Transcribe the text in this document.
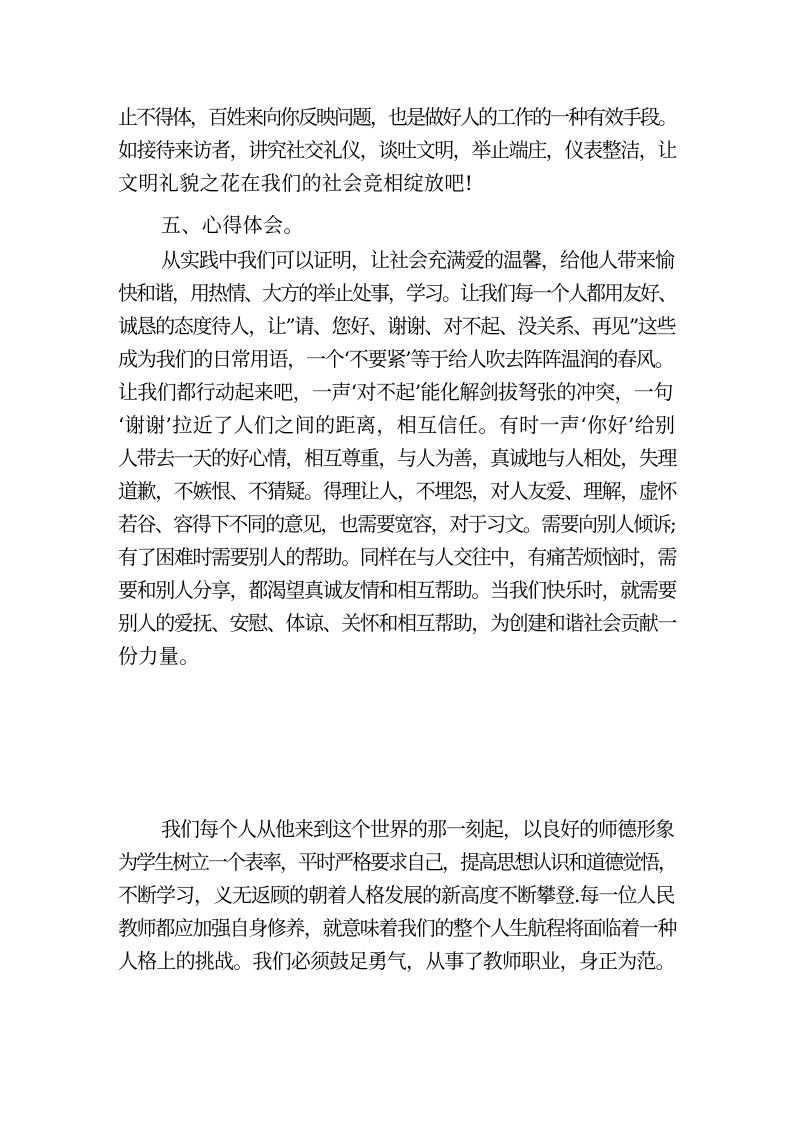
止不得体，百姓来向你反映问题，也是做好人的工作的一种有效手段。
如接待来访者，讲究社交礼仪，谈吐文明，举止端庄，仪表整洁，让
文明礼貌之花在我们的社会竞相绽放吧!
五、心得体会。
从实践中我们可以证明，让社会充满爱的温馨，给他人带来愉
快和谐，用热情、大方的举止处事，学习。让我们每一个人都用友好、
诚恳的态度待人，让”请、您好、谢谢、对不起、没关系、再见”这些
成为我们的日常用语，一个‘不要紧’等于给人吹去阵阵温润的春风。
让我们都行动起来吧，一声‘对不起’能化解剑拔弩张的冲突，一句
‘谢谢’拉近了人们之间的距离，相互信任。有时一声‘你好’给别
人带去一天的好心情，相互尊重，与人为善，真诚地与人相处，失理
道歉，不嫉恨、不猜疑。得理让人，不埋怨，对人友爱、理解，虚怀
若谷、容得下不同的意见，也需要宽容，对于习文。需要向别人倾诉;
有了困难时需要别人的帮助。同样在与人交往中，有痛苦烦恼时，需
要和别人分享，都渴望真诚友情和相互帮助。当我们快乐时，就需要
别人的爱抚、安慰、体谅、关怀和相互帮助，为创建和谐社会贡献一
份力量。
我们每个人从他来到这个世界的那一刻起，以良好的师德形象
为学生树立一个表率，平时严格要求自己，提高思想认识和道德觉悟，
不断学习，义无返顾的朝着人格发展的新高度不断攀登.每一位人民
教师都应加强自身修养，就意味着我们的整个人生航程将面临着一种
人格上的挑战。我们必须鼓足勇气，从事了教师职业，身正为范。
